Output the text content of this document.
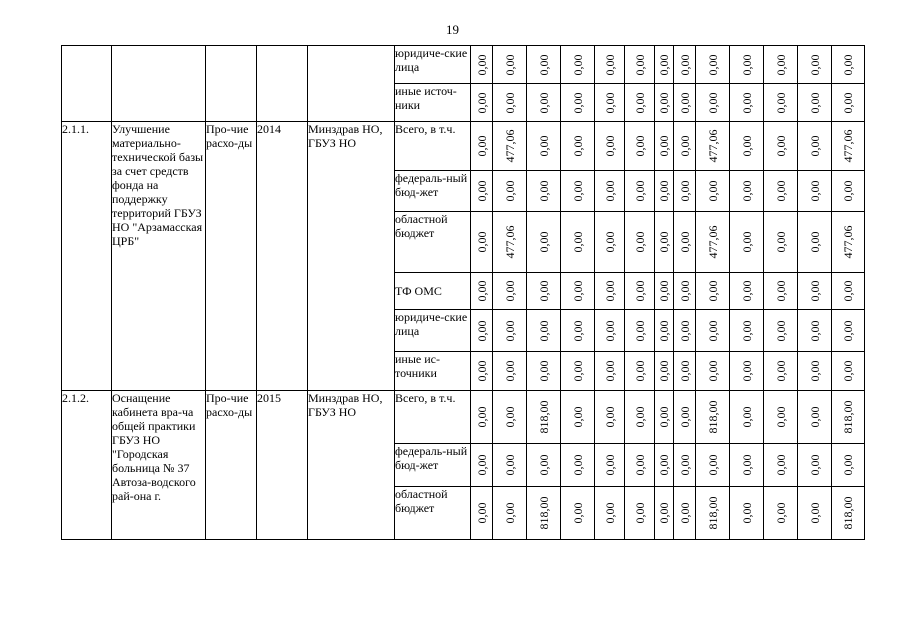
19
					юридиче-ские лица	0,00	0,00	0,00	0,00	0,00	0,00	0,00	0,00	0,00	0,00	0,00	0,00	0,00

					иные источ-ники	0,00	0,00	0,00	0,00	0,00	0,00	0,00	0,00	0,00	0,00	0,00	0,00	0,00

2.1.1.	Улучшение материально-технической базы за счет средств фонда на поддержку территорий ГБУЗ НО "Арзамасская ЦРБ"	Про-чие расхо-ды	2014	Минздрав НО, ГБУЗ НО	Всего, в т.ч.	0,00	477,06	0,00	0,00	0,00	0,00	0,00	0,00	477,06	0,00	0,00	0,00	477,06

					федераль-ный бюд-жет	0,00	0,00	0,00	0,00	0,00	0,00	0,00	0,00	0,00	0,00	0,00	0,00	0,00

					областной бюджет	0,00	477,06	0,00	0,00	0,00	0,00	0,00	0,00	477,06	0,00	0,00	0,00	477,06

					ТФ ОМС	0,00	0,00	0,00	0,00	0,00	0,00	0,00	0,00	0,00	0,00	0,00	0,00	0,00

					юридиче-ские лица	0,00	0,00	0,00	0,00	0,00	0,00	0,00	0,00	0,00	0,00	0,00	0,00	0,00

					иные ис-точники	0,00	0,00	0,00	0,00	0,00	0,00	0,00	0,00	0,00	0,00	0,00	0,00	0,00

2.1.2.	Оснащение кабинета вра-ча общей практики ГБУЗ НО "Городская больница № 37 Автоза-водского рай-она г.	Про-чие расхо-ды	2015	Минздрав НО, ГБУЗ НО	Всего, в т.ч.	0,00	0,00	818,00	0,00	0,00	0,00	0,00	0,00	818,00	0,00	0,00	0,00	818,00

					федераль-ный бюд-жет	0,00	0,00	0,00	0,00	0,00	0,00	0,00	0,00	0,00	0,00	0,00	0,00	0,00

					областной бюджет	0,00	0,00	818,00	0,00	0,00	0,00	0,00	0,00	818,00	0,00	0,00	0,00	818,00
